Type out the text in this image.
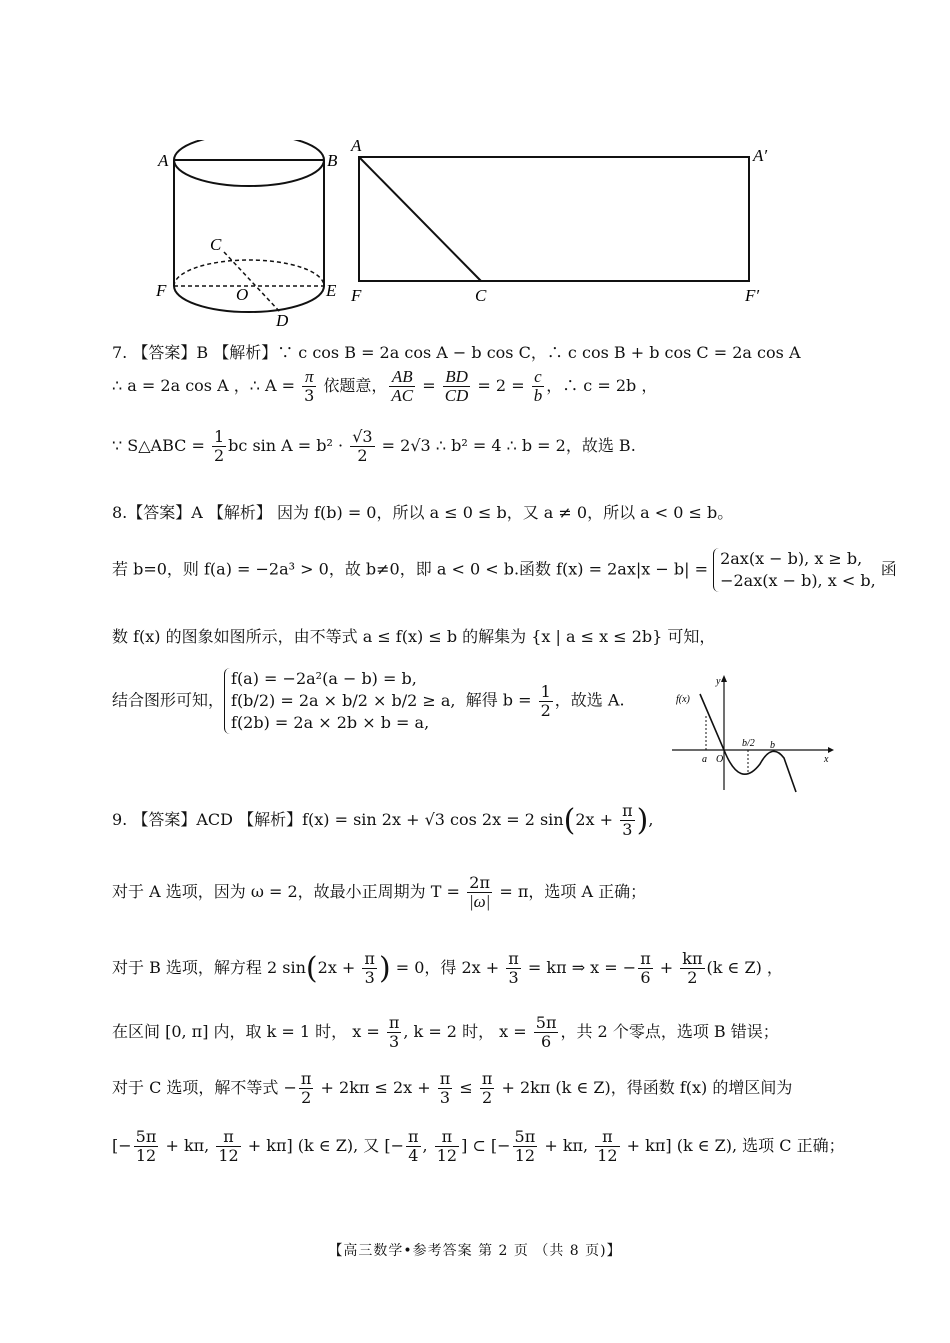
A	B
C
F	O	E
D
A
A′
F	C	F′
7. 【答案】B 【解析】∵ c cos B = 2a cos A − b cos C，∴ c cos B + b cos C = 2a cos A
∴ a = 2a cos A ，∴ $A = \frac{\pi}{3}$ 依题意， $\frac{AB}{AC} = \frac{BD}{CD} = 2 = \frac{c}{b}$ ，∴ c = 2b ，
∵ S△ABC = $\frac{1}{2}$ bc $\sin A = b^2 \cdot \frac{√3}{2} = 2√3$ ∴ b² = 4 ∴ b = 2，故选 B.
8.【答案】A 【解析】 因为 f(b) = 0，所以 a ≤ 0 ≤ b，又 a ≠ 0，所以 a < 0 ≤ b。
若 b=0，则 f(a) = −2a³ > 0，故 b≠0，即 a < 0 < b.函数 f(x) = 2ax|x − b| =
2ax(x − b), x ≥ b,
−2ax(x − b), x < b,
函
数 f(x) 的图象如图所示，由不等式 a ≤ f(x) ≤ b 的解集为 {x | a ≤ x ≤ 2b} 可知，
结合图形可知，
f(a) = −2a²(a − b) = b,
f(b/2) = 2a × b/2 × b/2 ≥ a,
f(2b) = 2a × 2b × b = a,
解得 $b = \frac{1}{2}$ ，故选 A.	f(x)
y
x
a O
b/2 b
9. 【答案】ACD 【解析】f(x) = sin 2x + √3 cos 2x = 2 $\sin(2x + \frac{\pi}{3}$ ),
对于 A 选项，因为 ω = 2，故最小正周期为 $T = \frac{2\pi}{|\omega|} = \pi$，选项 A 正确；
对于 B 选项，解方程 2 $\sin(2x + \frac{\pi}{3}$ ) = 0，得 $2x + \frac{\pi}{3} = k\pi$ ⇒ x = − $\frac{\pi}{6} + \frac{k\pi}{2} (k$ ∈ Z) ，
在区间 [0, π] 内，取 k = 1 时， $x = \frac{\pi}{3}$ , k = 2 时， $x = \frac{5\pi}{6}$ ，共 2 个零点，选项 B 错误；
对于 C 选项，解不等式 − $\frac{\pi}{2} + 2k\pi \le 2x + \frac{\pi}{3} \le \frac{\pi}{2} + 2k\pi$ (k ∈ Z)，得函数 f(x) 的增区间为
[− $\frac{5\pi}{12} + k\pi$, $\frac{\pi}{12} + k\pi$] (k ∈ Z), 又 [− $\frac{\pi}{4}$ , $\frac{\pi}{12}$ ] ⊂ [− $\frac{5\pi}{12} + k\pi$, $\frac{\pi}{12} + k\pi$] (k ∈ Z), 选项 C 正确；
【高三数学•参考答案 第 2 页 （共 8 页)】
